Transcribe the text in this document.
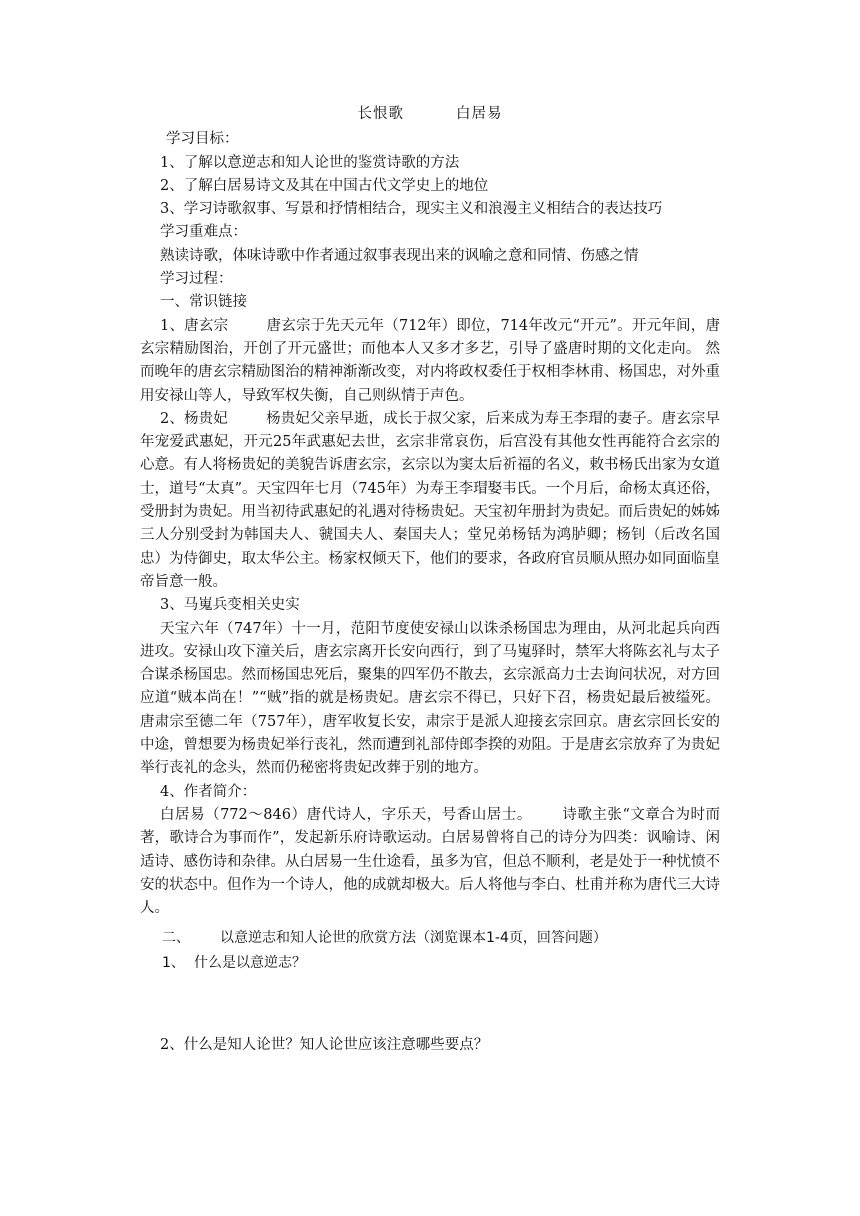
长恨歌	白居易

学习目标：

1、了解以意逆志和知人论世的鉴赏诗歌的方法

2、了解白居易诗文及其在中国古代文学史上的地位

3、学习诗歌叙事、写景和抒情相结合，现实主义和浪漫主义相结合的表达技巧

学习重难点：

熟读诗歌，体味诗歌中作者通过叙事表现出来的讽喻之意和同情、伤感之情

学习过程：

一、常识链接

1、唐玄宗	唐玄宗于先天元年（712年）即位，714年改元“开元”。开元年间，唐玄宗精励图治，开创了开元盛世；而他本人又多才多艺，引导了盛唐时期的文化走向。 然而晚年的唐玄宗精励图治的精神渐渐改变，对内将政权委任于权相李林甫、杨国忠，对外重用安禄山等人，导致军权失衡，自己则纵情于声色。

2、杨贵妃	杨贵妃父亲早逝，成长于叔父家，后来成为寿王李瑁的妻子。唐玄宗早年宠爱武惠妃，开元25年武惠妃去世，玄宗非常哀伤，后宫没有其他女性再能符合玄宗的心意。有人将杨贵妃的美貌告诉唐玄宗，玄宗以为窦太后祈福的名义，敕书杨氏出家为女道士，道号“太真”。天宝四年七月（745年）为寿王李瑁娶韦氏。一个月后，命杨太真还俗，受册封为贵妃。用当初待武惠妃的礼遇对待杨贵妃。天宝初年册封为贵妃。而后贵妃的姊姊三人分别受封为韩国夫人、虢国夫人、秦国夫人；堂兄弟杨铦为鸿胪卿；杨钊（后改名国忠）为侍御史，取太华公主。杨家权倾天下，他们的要求，各政府官员顺从照办如同面临皇帝旨意一般。

3、马嵬兵变相关史实

天宝六年（747年）十一月，范阳节度使安禄山以诛杀杨国忠为理由，从河北起兵向西进攻。安禄山攻下潼关后，唐玄宗离开长安向西行，到了马嵬驿时，禁军大将陈玄礼与太子合谋杀杨国忠。然而杨国忠死后，聚集的四军仍不散去，玄宗派高力士去询问状况，对方回应道“贼本尚在！”“贼”指的就是杨贵妃。唐玄宗不得已，只好下召，杨贵妃最后被缢死。唐肃宗至德二年（757年），唐军收复长安，肃宗于是派人迎接玄宗回京。唐玄宗回长安的中途，曾想要为杨贵妃举行丧礼，然而遭到礼部侍郎李揆的劝阻。于是唐玄宗放弃了为贵妃举行丧礼的念头，然而仍秘密将贵妃改葬于别的地方。

4、作者简介：

白居易（772～846）唐代诗人，字乐天，号香山居士。 诗歌主张“文章合为时而著，歌诗合为事而作”，发起新乐府诗歌运动。白居易曾将自己的诗分为四类：讽喻诗、闲适诗、感伤诗和杂律。从白居易一生仕途看，虽多为官，但总不顺利，老是处于一种忧愤不安的状态中。但作为一个诗人，他的成就却极大。后人将他与李白、杜甫并称为唐代三大诗人。

二、 以意逆志和知人论世的欣赏方法（浏览课本1-4页，回答问题）

1、 什么是以意逆志？

2、什么是知人论世？知人论世应该注意哪些要点？
